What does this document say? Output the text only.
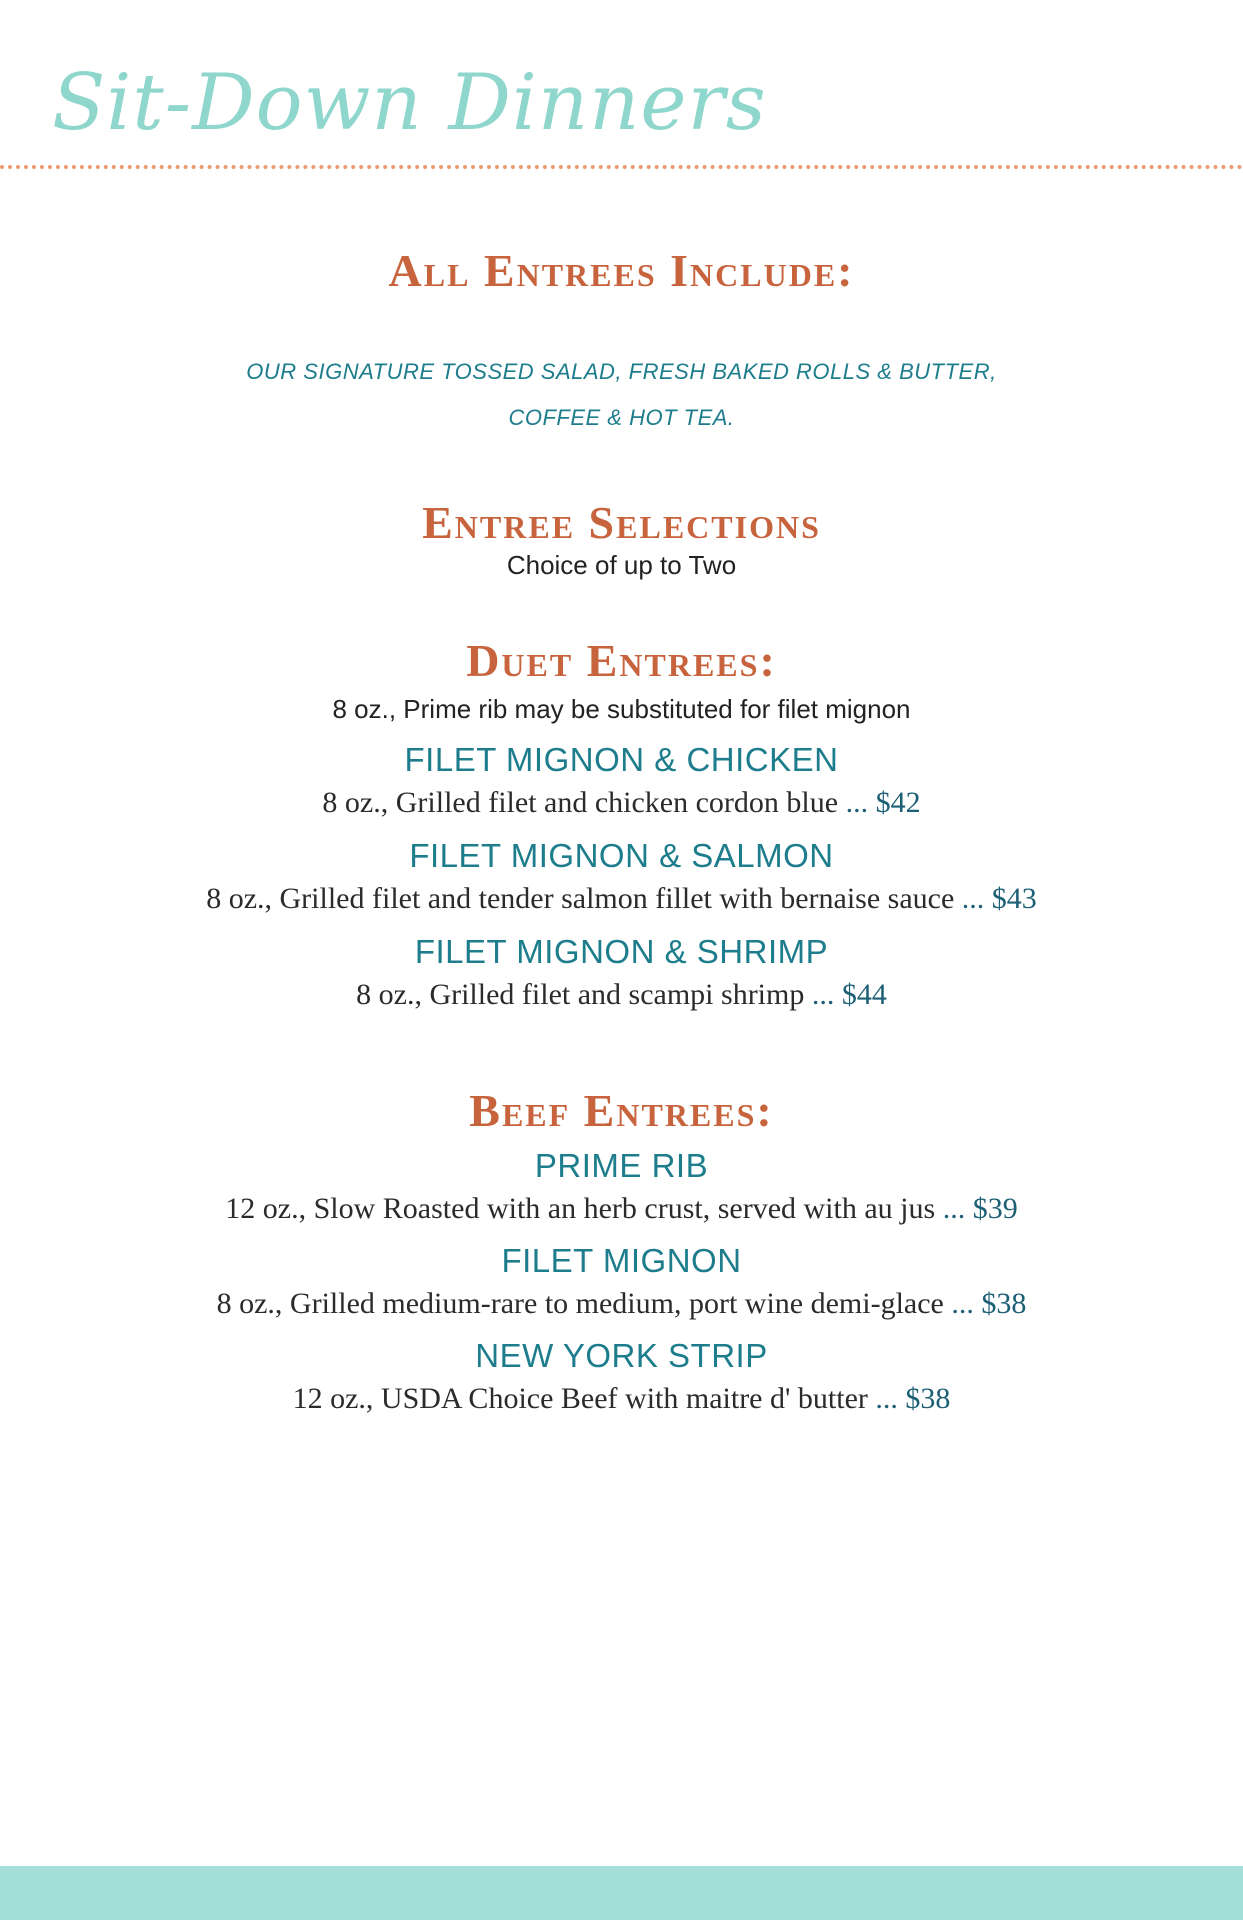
Sit-Down Dinners
All Entrees Include:

OUR SIGNATURE TOSSED SALAD, FRESH BAKED ROLLS & BUTTER,

COFFEE & HOT TEA.

Entree Selections

Choice of up to Two

Duet Entrees:

8 oz., Prime rib may be substituted for filet mignon

FILET MIGNON & CHICKEN

8 oz., Grilled filet and chicken cordon blue ... $42

FILET MIGNON & SALMON

8 oz., Grilled filet and tender salmon fillet with bernaise sauce ... $43

FILET MIGNON & SHRIMP

8 oz., Grilled filet and scampi shrimp ... $44

Beef Entrees:

PRIME RIB

12 oz., Slow Roasted with an herb crust, served with au jus ... $39

FILET MIGNON

8 oz., Grilled medium-rare to medium, port wine demi-glace ... $38

NEW YORK STRIP

12 oz., USDA Choice Beef with maitre d' butter ... $38
